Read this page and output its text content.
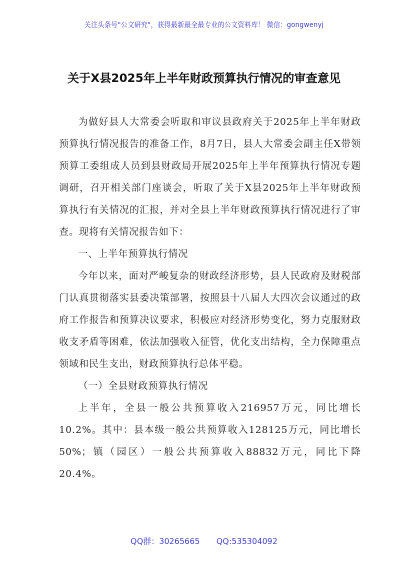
关注头条号"公文研究"，获得最新最全最专业的公文资料库！ 微信：gongwenyj
关于X县2025年上半年财政预算执行情况的审查意见

为做好县人大常委会听取和审议县政府关于2025年上半年财政预算执行情况报告的准备工作，8月7日，县人大常委会副主任X带领预算工委组成人员到县财政局开展2025年上半年预算执行情况专题调研，召开相关部门座谈会，听取了关于X县2025年上半年财政预算执行有关情况的汇报，并对全县上半年财政预算执行情况进行了审查。现将有关情况报告如下：

一、上半年预算执行情况

今年以来，面对严峻复杂的财政经济形势，县人民政府及财税部门认真贯彻落实县委决策部署，按照县十八届人大四次会议通过的政府工作报告和预算决议要求，积极应对经济形势变化，努力克服财政收支矛盾等困难，依法加强收入征管，优化支出结构，全力保障重点领域和民生支出，财政预算执行总体平稳。

（一）全县财政预算执行情况

上半年，全县一般公共预算收入216957万元，同比增长10.2%。其中：县本级一般公共预算收入128125万元，同比增长50%；镇（园区）一般公共预算收入88832万元，同比下降20.4%。

QQ群：30265665 QQ:535304092
